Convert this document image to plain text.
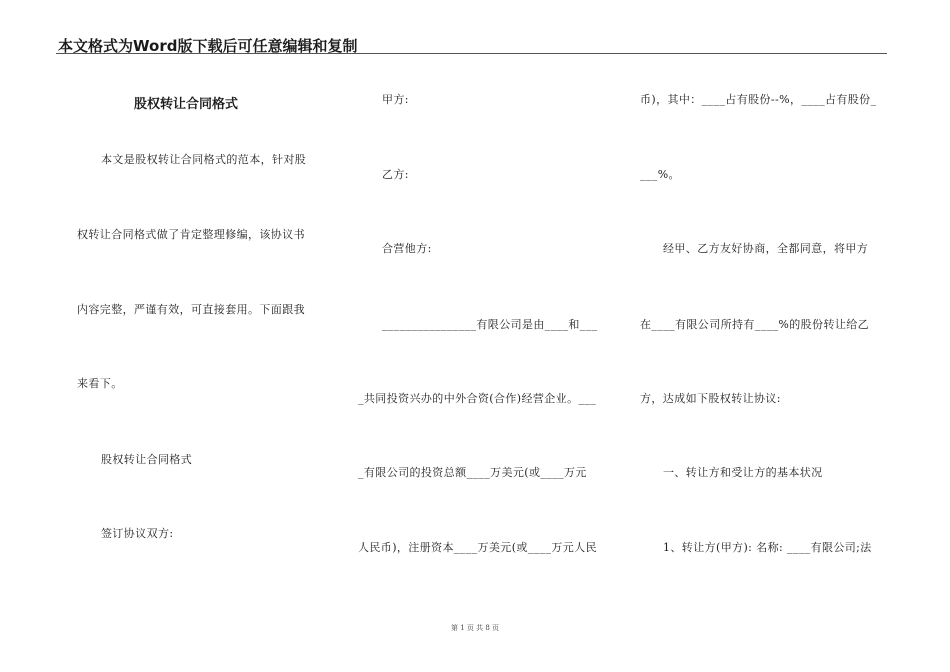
本文格式为Word版下载后可任意编辑和复制
股权转让合同格式
本文是股权转让合同格式的范本，针对股
权转让合同格式做了肯定整理修编，该协议书
内容完整，严谨有效，可直接套用。下面跟我
来看下。
股权转让合同格式
签订协议双方:
甲方:
乙方:
合营他方:
________________有限公司是由____和___
_共同投资兴办的中外合资(合作)经营企业。___
_有限公司的投资总额____万美元(或____万元
人民币)，注册资本____万美元(或____万元人民
币)，其中：____占有股份--%，____占有股份_
___%。
经甲、乙方友好协商，全都同意，将甲方
在____有限公司所持有____%的股份转让给乙
方，达成如下股权转让协议:
一、转让方和受让方的基本状况
1、转让方(甲方): 名称: ____有限公司;法
第 1 页 共 8 页
